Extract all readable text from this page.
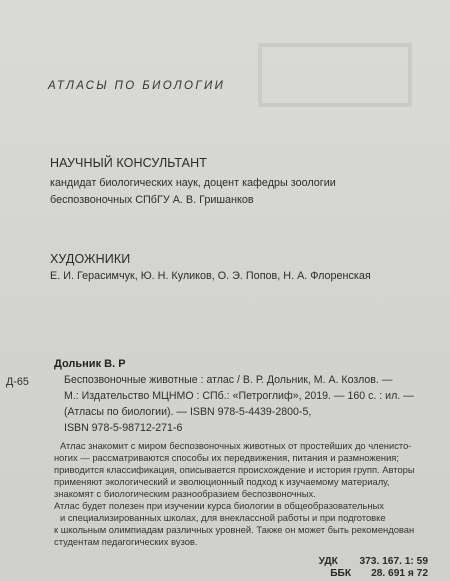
АТЛАСЫ ПО БИОЛОГИИ
НАУЧНЫЙ КОНСУЛЬТАНТ
кандидат биологических наук, доцент кафедры зоологии
беспозвоночных СПбГУ А. В. Гришанков
ХУДОЖНИКИ
Е. И. Герасимчук, Ю. Н. Куликов, О. Э. Попов, Н. А. Флоренская
Дольник В. Р
Д-65	Беспозвоночные животные : атлас / В. Р. Дольник, М. А. Козлов. —
М.: Издательство МЦНМО : СПб.: «Петроглиф», 2019. — 160 с. : ил. —
(Атласы по биологии). — ISBN 978-5-4439-2800-5,
ISBN 978-5-98712-271-6
Атлас знакомит с миром беспозвоночных животных от простейших до членисто-
ногих — рассматриваются способы их передвижения, питания и размножения;
приводится классификация, описывается происхождение и история групп. Авторы
применяют экологический и эволюционный подход к изучаемому материалу,
знакомят с биологическим разнообразием беспозвоночных.
Атлас будет полезен при изучении курса биологии в общеобразовательных
и специализированных школах, для внеклассной работы и при подготовке
к школьным олимпиадам различных уровней. Также он может быть рекомендован
студентам педагогических вузов.
УДК 373. 167. 1: 59
ББК 28. 691 я 72
